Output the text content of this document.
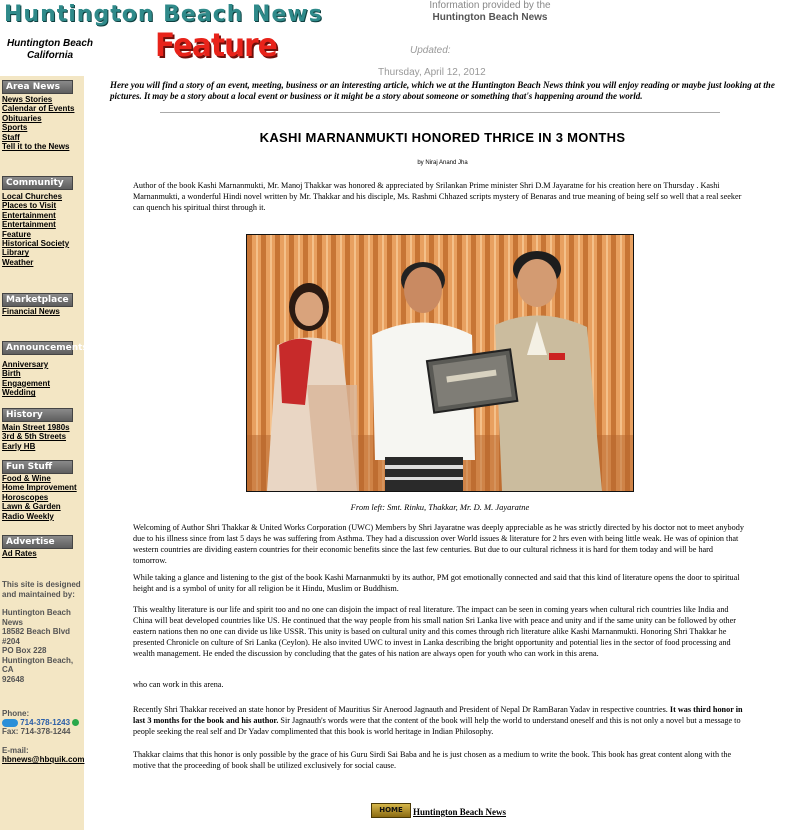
Huntington Beach News
Huntington Beach California	Feature
Information provided by the
Huntington Beach News
Updated:
Thursday, April 12, 2012
Area News
News Stories
Calendar of Events
Obituaries
Sports
Staff
Tell it to the News
Community
Local Churches
Places to Visit
Entertainment
Entertainment
Feature
Historical Society
Library
Weather
Marketplace
Financial News
Announcements
Anniversary
Birth
Engagement
Wedding
History
Main Street 1980s
3rd & 5th Streets
Early HB
Fun Stuff
Food & Wine
Home Improvement
Horoscopes
Lawn & Garden
Radio Weekly
Advertise
Ad Rates
This site is designed and maintained by:
Huntington Beach News
18582 Beach Blvd
#204
PO Box 228
Huntington Beach, CA
92648
Phone:
714-378-1243
Fax: 714-378-1244
E-mail:
hbnews@hbquik.com
Here you will find a story of an event, meeting, business or an interesting article, which we at the Huntington Beach News think you will enjoy reading or maybe just looking at the pictures. It may be a story about a local event or business or it might be a story about someone or something that's happening around the world.
KASHI MARNANMUKTI HONORED THRICE IN 3 MONTHS
by Niraj Anand Jha
Author of the book Kashi Marnanmukti, Mr. Manoj Thakkar was honored & appreciated by Srilankan Prime minister Shri D.M Jayaratne for his creation here on Thursday . Kashi Marnanmukti, a wonderful Hindi novel written by Mr. Thakkar and his disciple, Ms. Rashmi Chhazed scripts mystery of Benaras and true meaning of being self so well that a real seeker can quench his spiritual thirst through it.
From left: Smt. Rinku, Thakkar, Mr. D. M. Jayaratne
Welcoming of Author Shri Thakkar & United Works Corporation (UWC) Members by Shri Jayaratne was deeply appreciable as he was strictly directed by his doctor not to meet anybody due to his illness since from last 5 days he was suffering from Asthma. They had a discussion over World issues & literature for 2 hrs even with being little weak. He was of opinion that western countries are dividing eastern countries for their economic benefits since the last few centuries. But due to our cultural richness it is hard for them today and will be hard tomorrow.
While taking a glance and listening to the gist of the book Kashi Marnanmukti by its author, PM got emotionally connected and said that this kind of literature opens the door to spiritual height and is a symbol of unity for all religion be it Hindu, Muslim or Buddhism.
This wealthy literature is our life and spirit too and no one can disjoin the impact of real literature. The impact can be seen in coming years when cultural rich countries like India and China will beat developed countries like US. He continued that the way people from his small nation Sri Lanka live with peace and unity and if the same unity can be followed by other eastern nations then no one can divide us like USSR. This unity is based on cultural unity and this comes through rich literature alike Kashi Marnanmukti. Honoring Shri Thakkar he presented Chronicle on culture of Sri Lanka (Ceylon). He also invited UWC to invest in Lanka describing the bright opportunity and potential lies in the sector of food processing and wealth management. He ended the discussion by concluding that the gates of his nation are always open for youth who can work in this arena.
who can work in this arena.
Recently Shri Thakkar received an state honor by President of Mauritius Sir Anerood Jagnauth and President of Nepal Dr RamBaran Yadav in respective countries. It was third honor in last 3 months for the book and his author. Sir Jagnauth's words were that the content of the book will help the world to understand oneself and this is not only a novel but a message to people seeking the real self and Dr Yadav complimented that this book is world heritage in Indian Philosophy.
Thakkar claims that this honor is only possible by the grace of his Guru Sirdi Sai Baba and he is just chosen as a medium to write the book. This book has great content along with the motive that the proceeding of book shall be utilized exclusively for social cause.
HOME	Huntington Beach News
